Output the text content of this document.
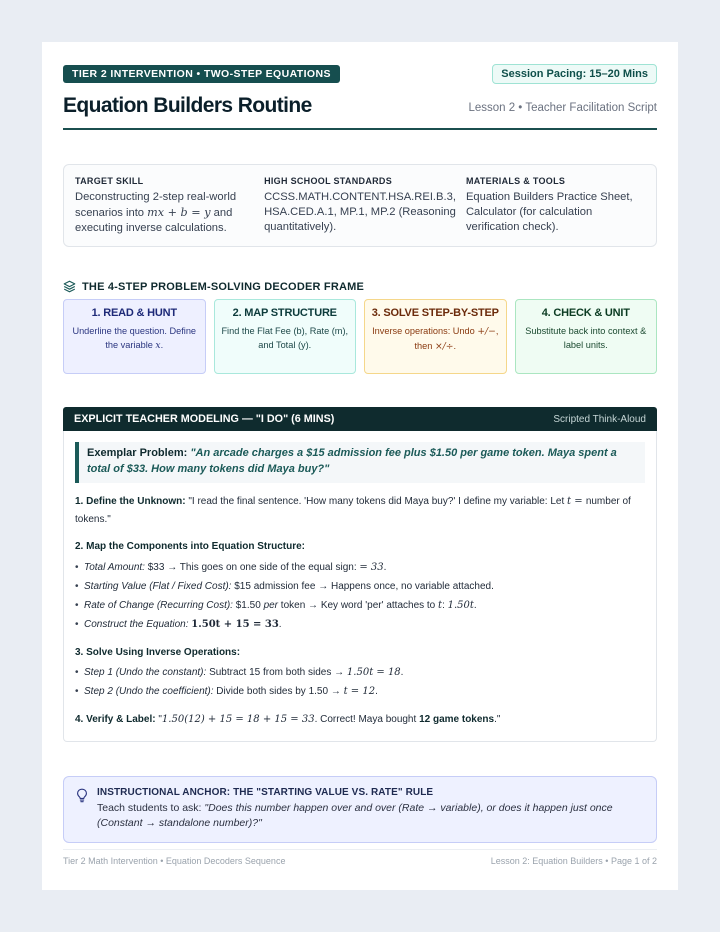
TIER 2 INTERVENTION • TWO-STEP EQUATIONS	Session Pacing: 15–20 Mins
Equation Builders Routine	Lesson 2 • Teacher Facilitation Script
TARGET SKILL
Deconstructing 2-step real-world scenarios into mx + b = y and executing inverse calculations.
HIGH SCHOOL STANDARDS
CCSS.MATH.CONTENT.HSA.REI.B.3, HSA.CED.A.1, MP.1, MP.2 (Reasoning quantitatively).
MATERIALS & TOOLS
Equation Builders Practice Sheet, Calculator (for calculation verification check).
THE 4-STEP PROBLEM-SOLVING DECODER FRAME
1. READ & HUNT
Underline the question. Define the variable x.
2. MAP STRUCTURE
Find the Flat Fee (b), Rate (m), and Total (y).
3. SOLVE STEP-BY-STEP
Inverse operations: Undo +/−, then ×/÷.
4. CHECK & UNIT
Substitute back into context & label units.
EXPLICIT TEACHER MODELING — "I DO" (6 MINS)	Scripted Think-Aloud
Exemplar Problem: "An arcade charges a $15 admission fee plus $1.50 per game token. Maya spent a total of $33. How many tokens did Maya buy?"
1. Define the Unknown: "I read the final sentence. 'How many tokens did Maya buy?' I define my variable: Let t = number of tokens."
2. Map the Components into Equation Structure:
• Total Amount: $33 → This goes on one side of the equal sign: = 33.
• Starting Value (Flat / Fixed Cost): $15 admission fee → Happens once, no variable attached.
• Rate of Change (Recurring Cost): $1.50 per token → Key word 'per' attaches to t: 1.50t.
• Construct the Equation: 1.50t + 15 = 33.
3. Solve Using Inverse Operations:
• Step 1 (Undo the constant): Subtract 15 from both sides → 1.50t = 18.
• Step 2 (Undo the coefficient): Divide both sides by 1.50 → t = 12.
4. Verify & Label: "1.50(12) + 15 = 18 + 15 = 33. Correct! Maya bought 12 game tokens."
INSTRUCTIONAL ANCHOR: THE "STARTING VALUE VS. RATE" RULE
Teach students to ask: "Does this number happen over and over (Rate → variable), or does it happen just once (Constant → standalone number)?"
Tier 2 Math Intervention • Equation Decoders Sequence	Lesson 2: Equation Builders • Page 1 of 2
